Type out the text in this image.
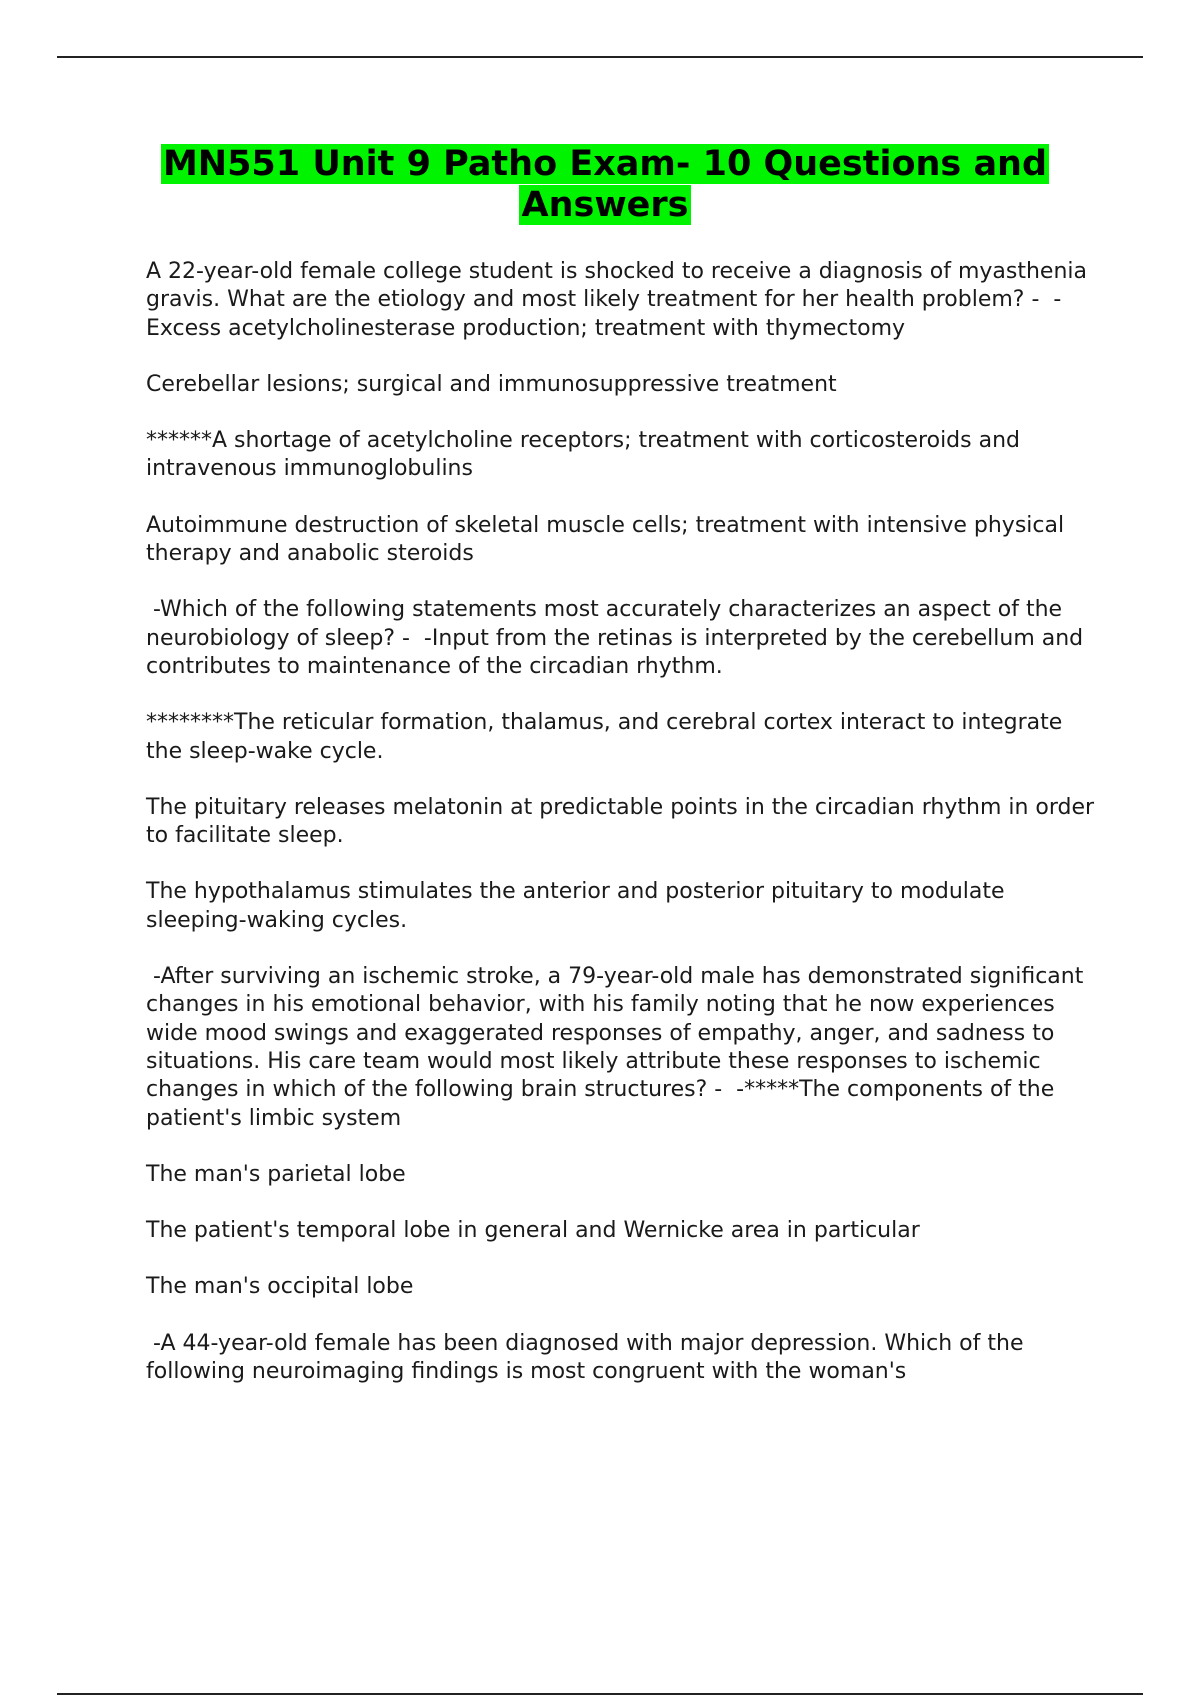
MN551 Unit 9 Patho Exam- 10 Questions and Answers

A 22-year-old female college student is shocked to receive a diagnosis of myasthenia gravis. What are the etiology and most likely treatment for her health problem? -  -Excess acetylcholinesterase production; treatment with thymectomy

Cerebellar lesions; surgical and immunosuppressive treatment

******A shortage of acetylcholine receptors; treatment with corticosteroids and intravenous immunoglobulins

Autoimmune destruction of skeletal muscle cells; treatment with intensive physical therapy and anabolic steroids

-Which of the following statements most accurately characterizes an aspect of the neurobiology of sleep? -  -Input from the retinas is interpreted by the cerebellum and contributes to maintenance of the circadian rhythm.

********The reticular formation, thalamus, and cerebral cortex interact to integrate the sleep-wake cycle.

The pituitary releases melatonin at predictable points in the circadian rhythm in order to facilitate sleep.

The hypothalamus stimulates the anterior and posterior pituitary to modulate sleeping-waking cycles.

-After surviving an ischemic stroke, a 79-year-old male has demonstrated significant changes in his emotional behavior, with his family noting that he now experiences wide mood swings and exaggerated responses of empathy, anger, and sadness to situations. His care team would most likely attribute these responses to ischemic changes in which of the following brain structures? -  -*****The components of the patient's limbic system

The man's parietal lobe

The patient's temporal lobe in general and Wernicke area in particular

The man's occipital lobe

-A 44-year-old female has been diagnosed with major depression. Which of the following neuroimaging findings is most congruent with the woman's
